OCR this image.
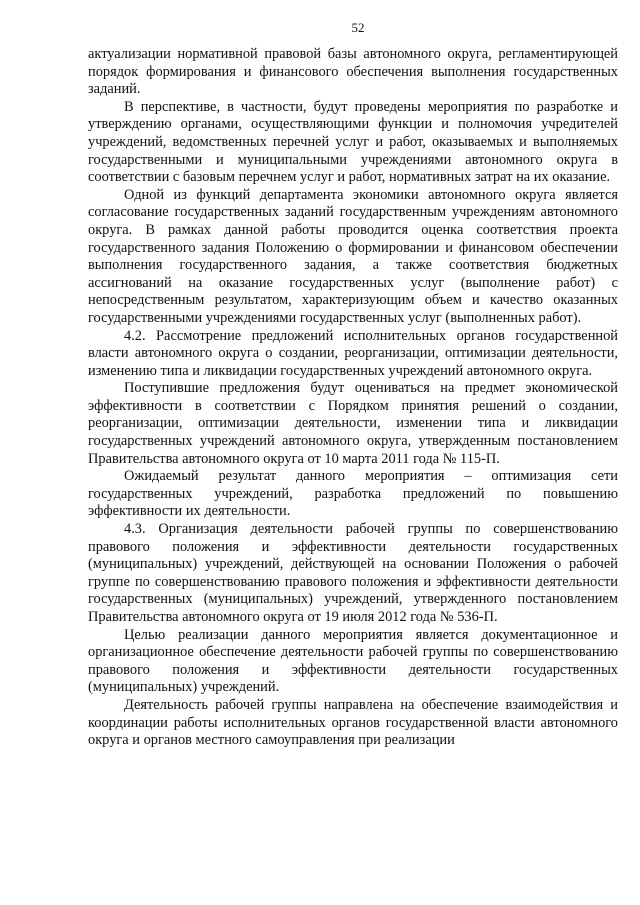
52

актуализации нормативной правовой базы автономного округа, регламентирующей порядок формирования и финансового обеспечения выполнения государственных заданий.

В перспективе, в частности, будут проведены мероприятия по разработке и утверждению органами, осуществляющими функции и полномочия учредителей учреждений, ведомственных перечней услуг и работ, оказываемых и выполняемых государственными и муниципальными учреждениями автономного округа в соответствии с базовым перечнем услуг и работ, нормативных затрат на их оказание.

Одной из функций департамента экономики автономного округа является согласование государственных заданий государственным учреждениям автономного округа. В рамках данной работы проводится оценка соответствия проекта государственного задания Положению о формировании и финансовом обеспечении выполнения государственного задания, а также соответствия бюджетных ассигнований на оказание государственных услуг (выполнение работ) с непосредственным результатом, характеризующим объем и качество оказанных государственными учреждениями государственных услуг (выполненных работ).

4.2. Рассмотрение предложений исполнительных органов государственной власти автономного округа о создании, реорганизации, оптимизации деятельности, изменению типа и ликвидации государственных учреждений автономного округа.

Поступившие предложения будут оцениваться на предмет экономической эффективности в соответствии с Порядком принятия решений о создании, реорганизации, оптимизации деятельности, изменении типа и ликвидации государственных учреждений автономного округа, утвержденным постановлением Правительства автономного округа от 10 марта 2011 года № 115-П.

Ожидаемый результат данного мероприятия – оптимизация сети государственных учреждений, разработка предложений по повышению эффективности их деятельности.

4.3. Организация деятельности рабочей группы по совершенствованию правового положения и эффективности деятельности государственных (муниципальных) учреждений, действующей на основании Положения о рабочей группе по совершенствованию правового положения и эффективности деятельности государственных (муниципальных) учреждений, утвержденного постановлением Правительства автономного округа от 19 июля 2012 года № 536-П.

Целью реализации данного мероприятия является документационное и организационное обеспечение деятельности рабочей группы по совершенствованию правового положения и эффективности деятельности государственных (муниципальных) учреждений.

Деятельность рабочей группы направлена на обеспечение взаимодействия и координации работы исполнительных органов государственной власти автономного округа и органов местного самоуправления при реализации
